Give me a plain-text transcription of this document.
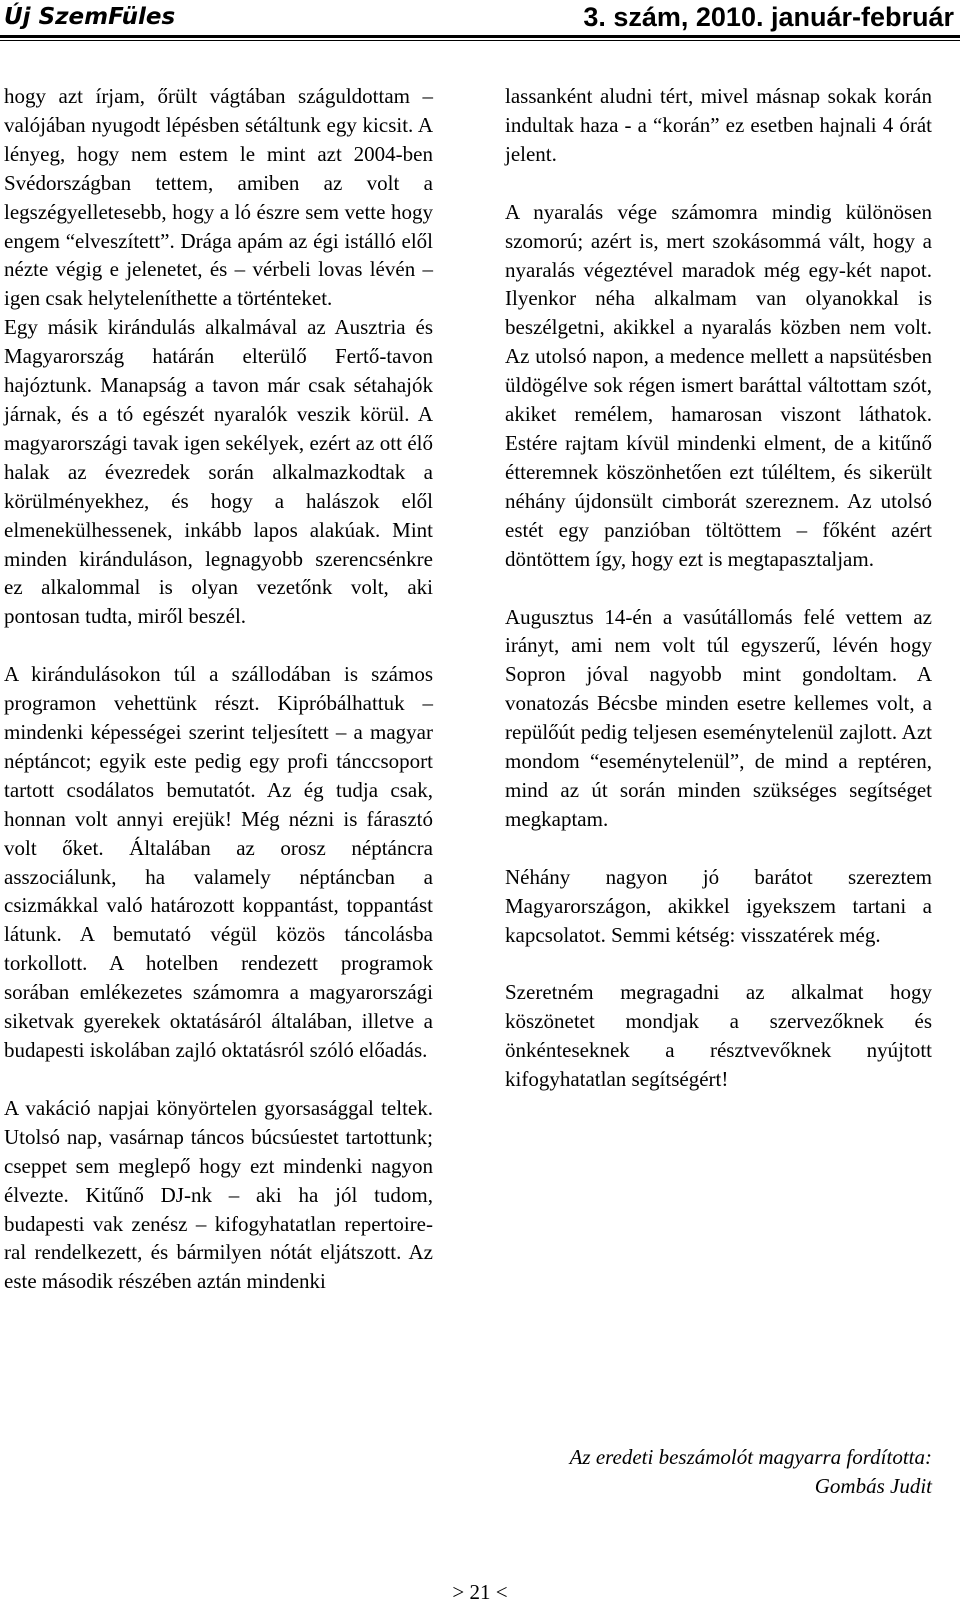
Új SzemFüles	3. szám, 2010. január-február

hogy azt írjam, őrült vágtában száguldottam – valójában nyugodt lépésben sétáltunk egy kicsit. A lényeg, hogy nem estem le mint azt 2004-ben Svédországban tettem, amiben az volt a legszégyelletesebb, hogy a ló észre sem vette hogy engem “elveszített”. Drága apám az égi istálló elől nézte végig e jelenetet, és – vérbeli lovas lévén – igen csak helyteleníthette a történteket.

Egy másik kirándulás alkalmával az Ausztria és Magyarország határán elterülő Fertő-tavon hajóztunk. Manapság a tavon már csak sétahajók járnak, és a tó egészét nyaralók veszik körül. A magyarországi tavak igen sekélyek, ezért az ott élő halak az évezredek során alkalmazkodtak a körülményekhez, és hogy a halászok elől elmenekülhessenek, inkább lapos alakúak. Mint minden kiránduláson, legnagyobb szerencsénkre ez alkalommal is olyan vezetőnk volt, aki pontosan tudta, miről beszél.

A kirándulásokon túl a szállodában is számos programon vehettünk részt. Kipróbálhattuk –mindenki képességei szerint teljesített – a magyar néptáncot; egyik este pedig egy profi tánccsoport tartott csodálatos bemutatót. Az ég tudja csak, honnan volt annyi erejük! Még nézni is fárasztó volt őket. Általában az orosz néptáncra asszociálunk, ha valamely néptáncban a csizmákkal való határozott koppantást, toppantást látunk. A bemutató végül közös táncolásba torkollott. A hotelben rendezett programok sorában emlékezetes számomra a magyarországi siketvak gyerekek oktatásáról általában, illetve a budapesti iskolában zajló oktatásról szóló előadás.

A vakáció napjai könyörtelen gyorsasággal teltek. Utolsó nap, vasárnap táncos búcsúestet tartottunk; cseppet sem meglepő hogy ezt mindenki nagyon élvezte. Kitűnő DJ-nk – aki ha jól tudom, budapesti vak zenész – kifogyhatatlan repertoire-ral rendelkezett, és bármilyen nótát eljátszott. Az este második részében aztán mindenki

lassanként aludni tért, mivel másnap sokak korán indultak haza - a “korán” ez esetben hajnali 4 órát jelent.

A nyaralás vége számomra mindig különösen szomorú; azért is, mert szokásommá vált, hogy a nyaralás végeztével maradok még egy-két napot. Ilyenkor néha alkalmam van olyanokkal is beszélgetni, akikkel a nyaralás közben nem volt. Az utolsó napon, a medence mellett a napsütésben üldögélve sok régen ismert baráttal váltottam szót, akiket remélem, hamarosan viszont láthatok. Estére rajtam kívül mindenki elment, de a kitűnő étteremnek köszönhetően ezt túléltem, és sikerült néhány újdonsült cimborát szereznem. Az utolsó estét egy panzióban töltöttem – főként azért döntöttem így, hogy ezt is megtapasztaljam.

Augusztus 14-én a vasútállomás felé vettem az irányt, ami nem volt túl egyszerű, lévén hogy Sopron jóval nagyobb mint gondoltam. A vonatozás Bécsbe minden esetre kellemes volt, a repülőút pedig teljesen eseménytelenül zajlott. Azt mondom “eseménytelenül”, de mind a reptéren, mind az út során minden szükséges segítséget megkaptam.

Néhány nagyon jó barátot szereztem Magyarországon, akikkel igyekszem tartani a kapcsolatot. Semmi kétség: visszatérek még.

Szeretném megragadni az alkalmat hogy köszönetet mondjak a szervezőknek és önkénteseknek a résztvevőknek nyújtott kifogyhatatlan segítségért!

Az eredeti beszámolót magyarra fordította:
Gombás Judit
> 21 <
